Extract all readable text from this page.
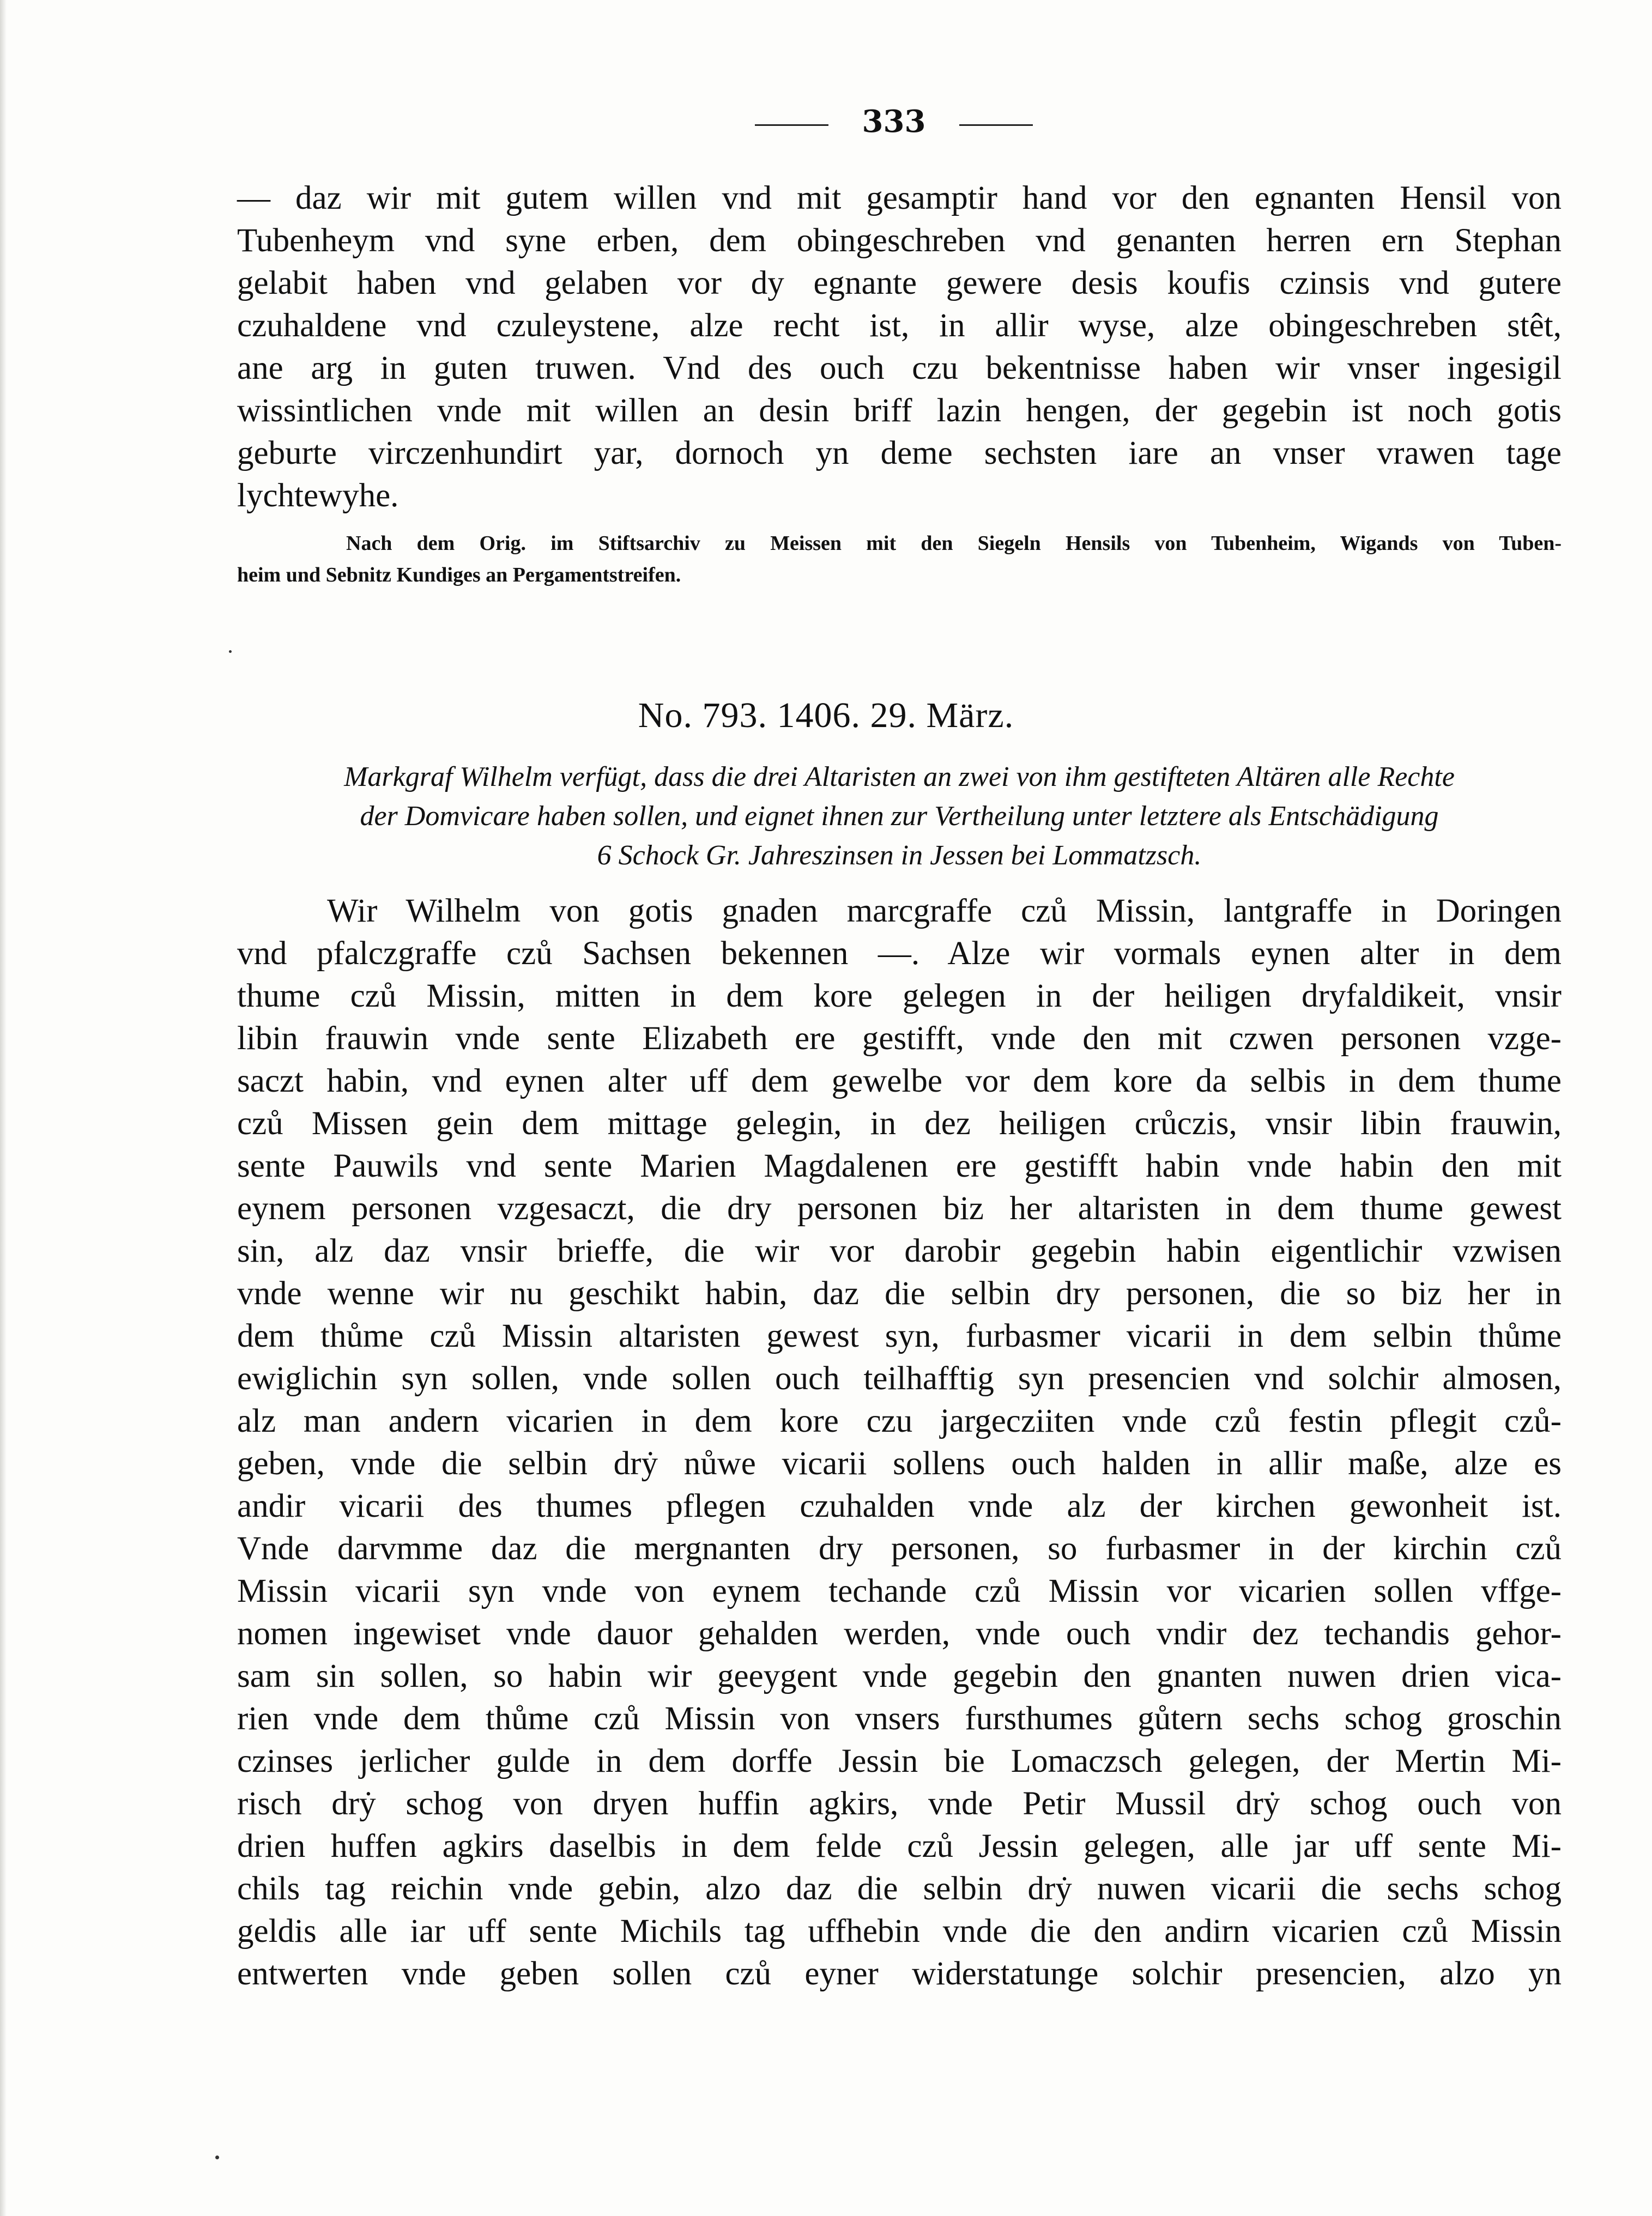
333
— daz wir mit gutem willen vnd mit gesamptir hand vor den egnanten Hensil von
Tubenheym vnd syne erben, dem obingeschreben vnd genanten herren ern Stephan
gelabit haben vnd gelaben vor dy egnante gewere desis koufis czinsis vnd gutere
czuhaldene vnd czuleystene, alze recht ist, in allir wyse, alze obingeschreben stêt,
ane arg in guten truwen. Vnd des ouch czu bekentnisse haben wir vnser ingesigil
wissintlichen vnde mit willen an desin briff lazin hengen, der gegebin ist noch gotis
geburte virczenhundirt yar, dornoch yn deme sechsten iare an vnser vrawen tage
lychtewyhe.
Nach dem Orig. im Stiftsarchiv zu Meissen mit den Siegeln Hensils von Tubenheim, Wigands von Tuben-
heim und Sebnitz Kundiges an Pergamentstreifen.
No. 793. 1406. 29. März.
Markgraf Wilhelm verfügt, dass die drei Altaristen an zwei von ihm gestifteten Altären alle Rechte
der Domvicare haben sollen, und eignet ihnen zur Vertheilung unter letztere als Entschädigung
6 Schock Gr. Jahreszinsen in Jessen bei Lommatzsch.
Wir Wilhelm von gotis gnaden marcgraffe czů Missin, lantgraffe in Doringen
vnd pfalczgraffe czů Sachsen bekennen —. Alze wir vormals eynen alter in dem
thume czů Missin, mitten in dem kore gelegen in der heiligen dryfaldikeit, vnsir
libin frauwin vnde sente Elizabeth ere gestifft, vnde den mit czwen personen vzge-
saczt habin, vnd eynen alter uff dem gewelbe vor dem kore da selbis in dem thume
czů Missen gein dem mittage gelegin, in dez heiligen crůczis, vnsir libin frauwin,
sente Pauwils vnd sente Marien Magdalenen ere gestifft habin vnde habin den mit
eynem personen vzgesaczt, die dry personen biz her altaristen in dem thume gewest
sin, alz daz vnsir brieffe, die wir vor darobir gegebin habin eigentlichir vzwisen
vnde wenne wir nu geschikt habin, daz die selbin dry personen, die so biz her in
dem thůme czů Missin altaristen gewest syn, furbasmer vicarii in dem selbin thůme
ewiglichin syn sollen, vnde sollen ouch teilhafftig syn presencien vnd solchir almosen,
alz man andern vicarien in dem kore czu jargecziiten vnde czů festin pflegit czů-
geben, vnde die selbin drẏ nůwe vicarii sollens ouch halden in allir maße, alze es
andir vicarii des thumes pflegen czuhalden vnde alz der kirchen gewonheit ist.
Vnde darvmme daz die mergnanten dry personen, so furbasmer in der kirchin czů
Missin vicarii syn vnde von eynem techande czů Missin vor vicarien sollen vffge-
nomen ingewiset vnde dauor gehalden werden, vnde ouch vndir dez techandis gehor-
sam sin sollen, so habin wir geeygent vnde gegebin den gnanten nuwen drien vica-
rien vnde dem thůme czů Missin von vnsers fursthumes gůtern sechs schog groschin
czinses jerlicher gulde in dem dorffe Jessin bie Lomaczsch gelegen, der Mertin Mi-
risch drẏ schog von dryen huffin agkirs, vnde Petir Mussil drẏ schog ouch von
drien huffen agkirs daselbis in dem felde czů Jessin gelegen, alle jar uff sente Mi-
chils tag reichin vnde gebin, alzo daz die selbin drẏ nuwen vicarii die sechs schog
geldis alle iar uff sente Michils tag uffhebin vnde die den andirn vicarien czů Missin
entwerten vnde geben sollen czů eyner widerstatunge solchir presencien, alzo yn
